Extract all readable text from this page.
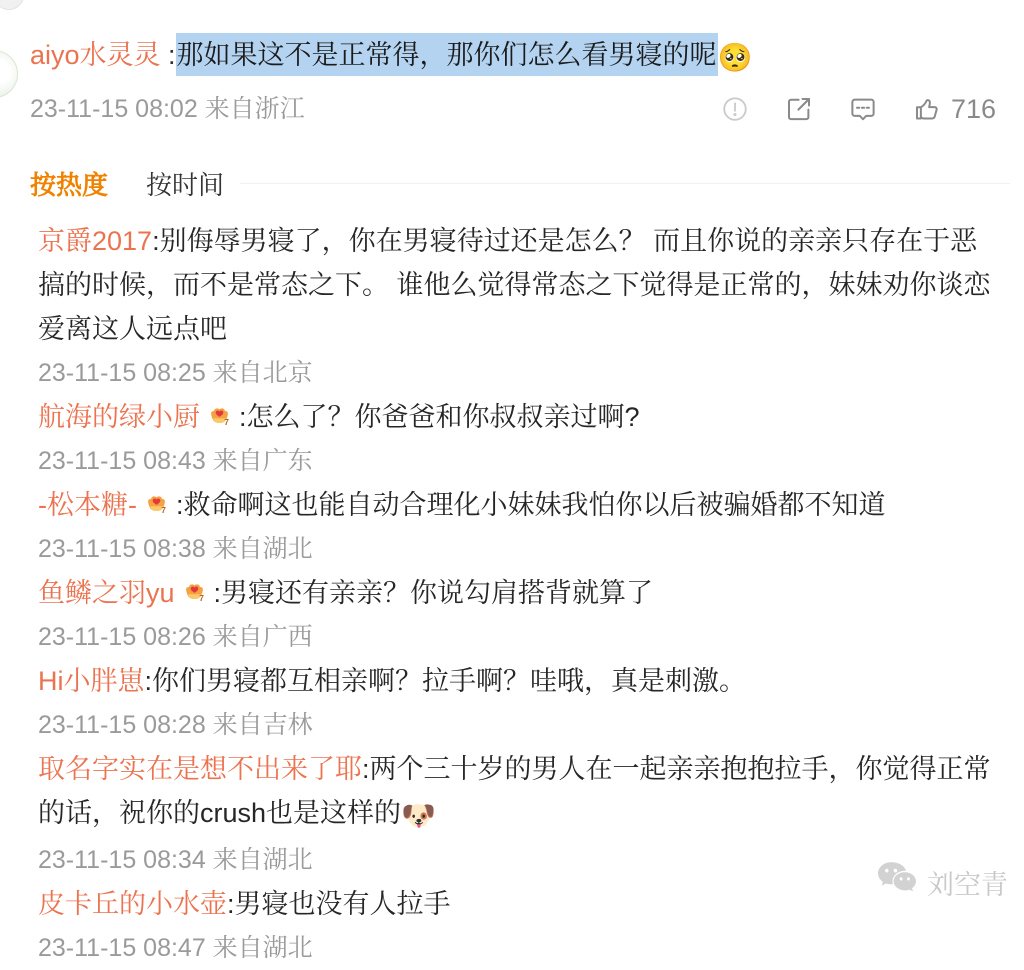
aiyo水灵灵 :那如果这不是正常得，那你们怎么看男寝的呢🥺
23-11-15 08:02 来自浙江	716
按热度 按时间

京爵2017:别侮辱男寝了，你在男寝待过还是怎么？ 而且你说的亲亲只存在于恶搞的时候，而不是常态之下。 谁他么觉得常态之下觉得是正常的，妹妹劝你谈恋爱离这人远点吧

23-11-15 08:25 来自北京

航海的绿小厨	7 :怎么了？你爸爸和你叔叔亲过啊?

23-11-15 08:43 来自广东

-松本糖-	7 :救命啊这也能自动合理化小妹妹我怕你以后被骗婚都不知道

23-11-15 08:38 来自湖北

鱼鳞之羽yu	7 :男寝还有亲亲？你说勾肩搭背就算了

23-11-15 08:26 来自广西

Hi小胖崽:你们男寝都互相亲啊？拉手啊？哇哦，真是刺激。

23-11-15 08:28 来自吉林

取名字实在是想不出来了耶:两个三十岁的男人在一起亲亲抱抱拉手，你觉得正常的话，祝你的crush也是这样的🐶

23-11-15 08:34 来自湖北

皮卡丘的小水壶:男寝也没有人拉手

23-11-15 08:47 来自湖北
刘空青
